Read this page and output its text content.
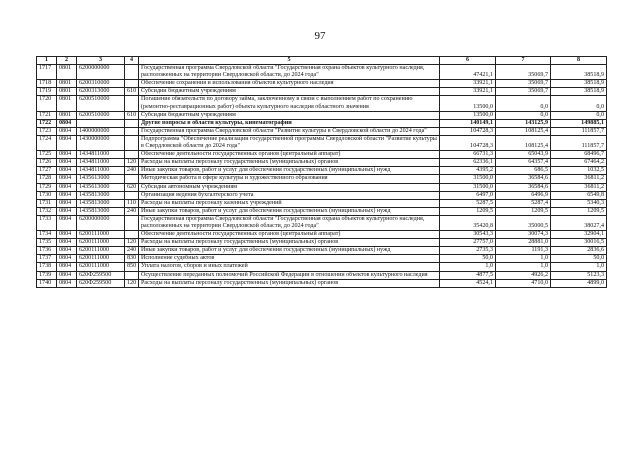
97
1	2	3	4	5	6	7	8
1717	0801	6200000000		Государственная программа Свердловской области "Государственная охрана объектов культурного наследия, расположенных на территории Свердловской области, до 2024 года"	47421,1	35069,7	38518,9
1718	0801	6200310000		Обеспечение сохранения и использования объектов культурного наследия	33921,1	35069,7	38518,9
1719	0801	6200313000	610	Субсидии бюджетным учреждениям	33921,1	35069,7	38518,9
1720	0801	6200510000		Погашение обязательств по договору займа, заключенному в связи с выполнением работ по сохранению (ремонтно-реставрационных работ) объекта культурного наследия областного значения	13500,0	0,0	0,0
1721	0801	6200510000	610	Субсидии бюджетным учреждениям	13500,0	0,0	0,0
1722	0804			Другие вопросы в области культуры, кинематографии	140149,1	143125,9	149885,1
1723	0804	1400000000		Государственная программа Свердловской области "Развитие культуры в Свердловской области до 2024 года"	104728,3	108125,4	111857,7
1724	0804	1430000000		Подпрограмма "Обеспечение реализации государственной программы Свердловской области "Развитие культуры в Свердловской области до 2024 года"	104728,3	108125,4	111857,7
1725	0804	1434811000		Обеспечение деятельности государственных органов (центральный аппарат)	66731,3	65043,9	68496,7
1726	0804	1434811000	120	Расходы на выплаты персоналу государственных (муниципальных) органов	62336,1	64357,4	67464,2
1727	0804	1434811000	240	Иные закупки товаров, работ и услуг для обеспечения государственных (муниципальных) нужд	4395,2	686,5	1032,5
1728	0804	1435613000		Методическая работа в сфере культуры и художественного образования	31500,0	36584,6	36811,2
1729	0804	1435613000	620	Субсидии автономным учреждениям	31500,0	36584,6	36811,2
1730	0804	1435813000		Организация ведения бухгалтерского учета	6497,0	6496,9	6549,8
1731	0804	1435813000	110	Расходы на выплаты персоналу казенных учреждений	5287,5	5287,4	5340,3
1732	0804	1435813000	240	Иные закупки товаров, работ и услуг для обеспечения государственных (муниципальных) нужд	1209,5	1209,5	1209,5
1733	0804	6200000000		Государственная программа Свердловской области "Государственная охрана объектов культурного наследия, расположенных на территории Свердловской области, до 2024 года"	35420,8	35000,5	38027,4
1734	0804	6200111000		Обеспечение деятельности государственных органов (центральный аппарат)	30543,3	30074,3	32904,1
1735	0804	6200111000	120	Расходы на выплаты персоналу государственных (муниципальных) органов	27757,0	28881,0	30016,5
1736	0804	6200111000	240	Иные закупки товаров, работ и услуг для обеспечения государственных (муниципальных) нужд	2735,3	1191,3	2836,6
1737	0804	6200111000	830	Исполнение судебных актов	50,0	1,0	50,0
1738	0804	6200111000	850	Уплата налогов, сборов и иных платежей	1,0	1,0	1,0
1739	0804	620Ф259500		Осуществление переданных полномочий Российской Федерации в отношении объектов культурного наследия	4877,5	4926,2	5123,3
1740	0804	620Ф259500	120	Расходы на выплаты персоналу государственных (муниципальных) органов	4524,1	4710,0	4899,0
